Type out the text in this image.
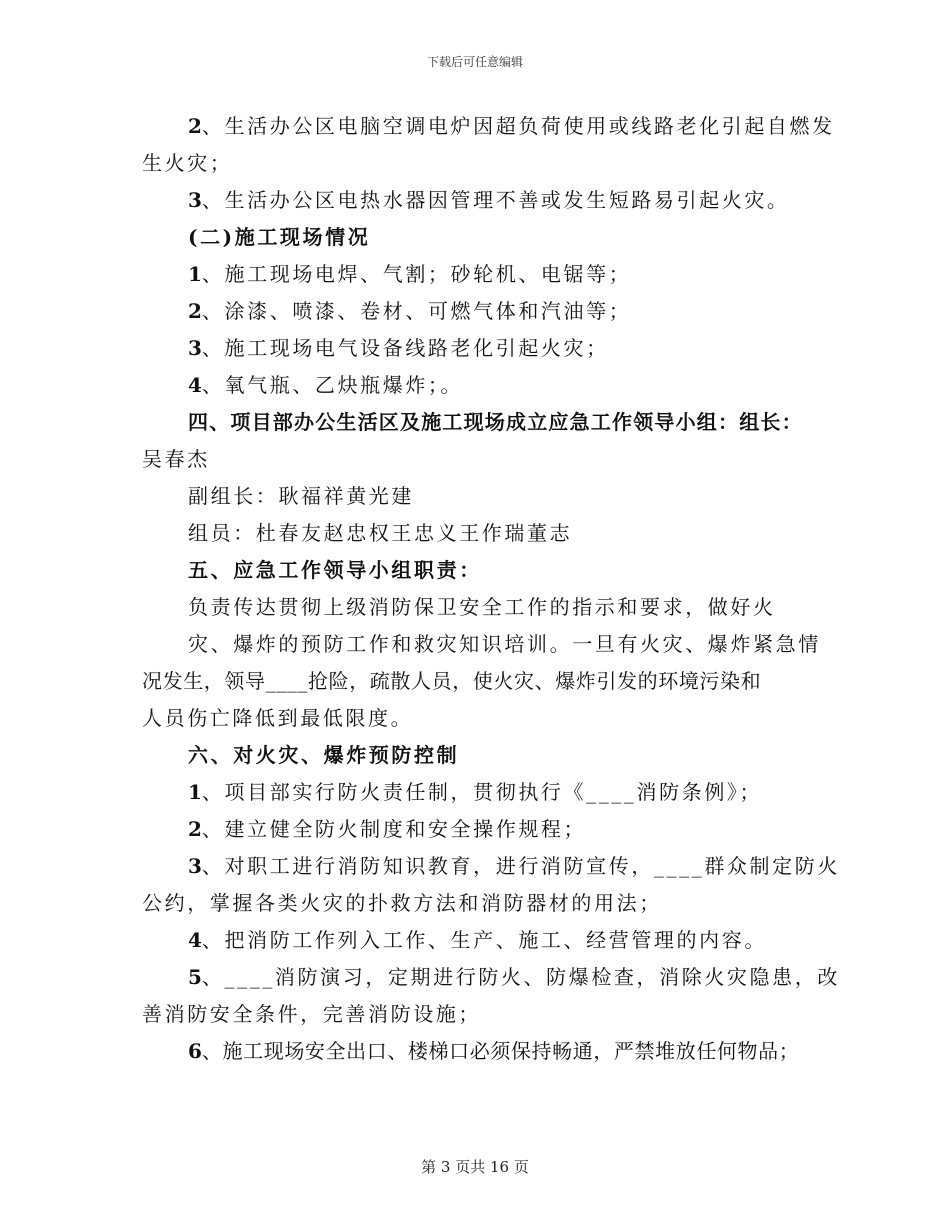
下载后可任意编辑
2、生活办公区电脑空调电炉因超负荷使用或线路老化引起自燃发
生火灾；
3、生活办公区电热水器因管理不善或发生短路易引起火灾。
(二)施工现场情况
1、施工现场电焊、气割；砂轮机、电锯等；
2、涂漆、喷漆、卷材、可燃气体和汽油等；
3、施工现场电气设备线路老化引起火灾；
4、氧气瓶、乙炔瓶爆炸；。
四、项目部办公生活区及施工现场成立应急工作领导小组：组长：
吴春杰
副组长：耿福祥黄光建
组员：杜春友赵忠权王忠义王作瑞董志
五、应急工作领导小组职责：
负责传达贯彻上级消防保卫安全工作的指示和要求，做好火
灾、爆炸的预防工作和救灾知识培训。一旦有火灾、爆炸紧急情
况发生，领导____抢险，疏散人员，使火灾、爆炸引发的环境污染和
人员伤亡降低到最低限度。
六、对火灾、爆炸预防控制
1、项目部实行防火责任制，贯彻执行《____消防条例》；
2、建立健全防火制度和安全操作规程；
3、对职工进行消防知识教育，进行消防宣传，____群众制定防火
公约，掌握各类火灾的扑救方法和消防器材的用法；
4、把消防工作列入工作、生产、施工、经营管理的内容。
5、____消防演习，定期进行防火、防爆检查，消除火灾隐患，改
善消防安全条件，完善消防设施；
6、施工现场安全出口、楼梯口必须保持畅通，严禁堆放任何物品；
第 3 页共 16 页
